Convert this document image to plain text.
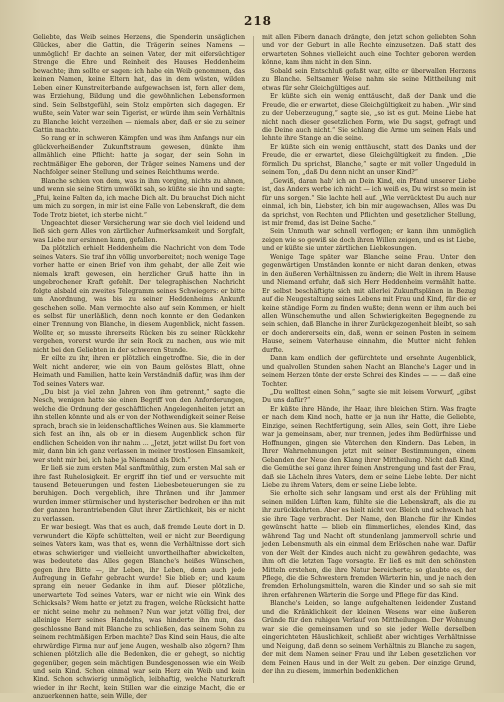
218

Geliebte, das Weib seines Herzens, die Spenderin unsäglichen Glückes, aber die Gattin, die Trägerin seines Namens — unmöglich! Er dachte an seinen Vater, der mit eifersüchtiger Strenge die Ehre und Reinheit des Hauses Heddenheim bewachte; ihm sollte er sagen: ich habe ein Weib genommen, das keinen Namen, keine Eltern hat, das in dem wüsten, wilden Leben einer Kunstreiterbande aufgewachsen ist, fern aller dem, was Erziehung, Bildung und die gewöhnlichen Lebensformen sind. Sein Selbstgefühl, sein Stolz empörten sich dagegen. Er wußte, sein Vater war sein Tigerist, er würde ihm sein Verhältnis zu Blanche leicht verzeihen — niemals aber, daß er sie zu seiner Gattin machte.

So rang er in schweren Kämpfen und was ihm Anfangs nur ein glückverheißender Zukunftstraum gewesen, dünkte ihm allmählich eine Pflicht: hatte ja sogar, der sein Sohn in rechtmäßiger Ehe geboren, der Träger seines Namens und der Nachfolger seiner Stellung und seines Reichthums werde.

Blanche schien von dem, was in ihm vorging, nichts zu ahnen, und wenn sie seine Stirn umwölkt sah, so küßte sie ihn und sagte: „Pfui, keine Falten da, ich mache Dich alt. Du brauchst Dich nicht um mich zu sorgen, in mir ist eine Falle von Lebenskraft, die dem Tode Trotz bietet, ich sterbe nicht.“

Ungeachtet dieser Versicherung war sie doch viel leidend und ließ sich gern Alles von zärtlicher Aufmerksamkeit und Sorgfalt, was Liebe nur ersinnen kann, gefallen.

Da plötzlich erhielt Heddenheim die Nachricht von dem Tode seines Vaters. Sie traf ihn völlig unvorbereitet; noch wenige Tage vorher hatte er einen Brief von ihm gehabt, der alle Zeit wie niemals kraft gewesen, ein herzlicher Gruß hatte ihn in ungebrochener Kraft gefehlt. Der telegraphischen Nachricht folgte alsbald ein zweites Telegramm seines Schwiegers: er bitte um Anordnung, was bis zu seiner Heddenheims Ankunft geschehen solle. Man vermochte also auf sein Kommen, er hielt es selbst für unerläßlich, denn noch konnte er den Gedanken einer Trennung von Blanche, in diesem Augenblick, nicht fassen. Wollte er, so musste ihrerseits Rücken bis zu seiner Rückkehr vergehen, vorerst wurde ihr sein Rock zu nachen, aus wie mit nicht bei den Geliebten in der schweren Stunde.

Er eilte zu ihr, ihren er plötzlich eingetroffne. Sie, die in der Welt nicht anderer, wie ein von Baum gelöstes Blatt, ohne Heimath und Familien, hatte kein Verständniß dafür, was ihm der Tod seines Vaters war.

„Du bist ja viel zehn Jahren von ihm getrennt,“ sagte die Nesch, wenigen hatte sie einen Begriff von den Anforderungen, welche die Ordnung der geschäftlichen Angelegenheiten jetzt an ihn stellen könnte und als er von der Nothwendigkeit seiner Reise sprach, brach sie in leidenschaftliches Weinen aus. Sie klammerte sich fest an ihn, als ob er in diesem Augenblick schon für endlichen Scheiden von ihr nahm ... „Jetzt, jetzt willst Du fort von mir, dann bin ich ganz verlassen in meiner trostlosen Einsamkeit, wer steht mir bei, ich habe ja Niemand als Dich.“

Er ließ sie zum ersten Mal sanftmüthig, zum ersten Mal sah er ihre fast Ruhelosigkeit. Er ergriff ihn tief und er versuchte mit tausend Beteuerungen und festen Liebesbeteuerungen sie zu beruhigen. Doch vergeblich, ihre Thränen und ihr Jammer wurden immer stürmischer und hysterischer bedrohen er ihn mit der ganzen herantriebenden Glut ihrer Zärtlichkeit, bis er nicht zu verlassen.

Er war besiegt. Was that es auch, daß fremde Leute dort in D. verwundert die Köpfe schüttelten, weil er nicht zur Beerdigung seines Vaters kam, was that es, wenn die Verhältnisse dort sich etwas schwieriger und vielleicht unvortheilhafter abwickelten, was bedeutete das Alles gegen Blanche's heißes Wünschen, gegen ihre Bitte —, ihr Leben, ihr Leben, denn auch jede Aufregung in Gefahr gebracht wurde! Sie blieb er; und kaum sprang ein neuer Gedanke in ihm auf. Dieser plötzliche, unerwartete Tod seines Vaters, war er nicht wie ein Wink des Schicksals? Wem hatte er jetzt zu fragen, welche Rücksicht hatte er nicht seine mehr zu nehmen? Nun war jetzt völlig frei, der alleinige Herr seines Handelns, was hinderte ihn nun, das geschlossne Band mit Blanche zu schließen, das seinem Sohn zu seinem rechtmäßigen Erben machte? Das Kind sein Haus, die alte ehrwürdige Firma nur auf jene Augen, weshalb also zögern? Ihm schienen plötzlich alle die Bedenken, die er gehegt, so nichtig gegenüber, gegen sein mächtigen Bundesgenossen wie ein Weib und sein Kind. Schon einmal war sein Herz ein Weib und kein Kind. Schon schwierig unmöglich, leibhaftig, welche Naturkraft wieder in ihr Recht, kein Stillen war die einzige Macht, die er anzuerkennen hatte, sein Wille, der

mit allen Fibern danach drängte, den jetzt schon geliebten Sohn und vor der Geburt in alle Rechte einzusetzen. Daß statt des erwarteten Sohnes vielleicht auch eine Tochter geboren werden könne, kam ihm nicht in den Sinn.

Sobald sein Entschluß gefaßt war, eilte er überwallen Herzens zu Blanche. Seltsamer Weise nahm sie seine Mittheilung mit etwas für sehr Gleichgültiges auf.

Er küßte sich ein wenig enttäuscht, daß der Dank und die Freude, die er erwartet, diese Gleichgültigkeit zu haben. „Wir sind zu der Ueberzeugung,“ sagte sie, „so ist es gut. Meine Liebe hat nicht nach dieser gesetzlichen Form, wie Du sagst, gefragt und die Deine auch nicht.“ Sie schlang die Arme um seinen Hals und lehnte ihre Stange an die seine.

Er küßte sich ein wenig enttäuscht, statt des Danks und der Freude, die er erwartet, diese Gleichgültigkeit zu finden. „Die förmlich Du sprichst, Blanche,“ sagte er mit voller Ungeduld in seinem Ton, „daß Du denn nicht an unser Kind?“

„Gewiß, daran hab' ich an Dein Kind, ein Pfand unserer Liebe ist, das Anders werbe ich nicht — ich weiß es, Du wirst so mein ist für uns sorgen.“ Sie lachte hell auf. „Wie verrücktest Du auch nur einmal, ich bin, Liebster, ich bin mir augewachsen, Alles was Du da sprichst, von Rechten und Pflichten und gesetzlicher Stellung, ist mir fremd, das ist Deine Sache.“

Sein Unmuth war schnell verflogen; er kann ihm unmöglich zeigen wie so gewiß sie doch ihren Willen zeigen, und es ist Liebe, und er küßte sie unter zärtlichen Liebkosungen.

Wenige Tage später war Blanche seine Frau. Unter den gegenwärtigen Umständen konnte er nicht daran denken, etwas in den äußeren Verhältnissen zu ändern; die Welt in ihrem Hause und Niemand erfuhr, daß sich Herr Heddenheim vermählt hatte. Er selbst beschäftigte sich mit allerlei Zukunftsplänen in Bezug auf die Neugestaltung seines Lebens mit Frau und Kind, für die er keine ständige Form zu finden wußte; denn wenn er ihm auch bei allen Wünschemuthe und allen Schwierigkeiten Begegnende zu sein schien, daß Blanche in ihrer Zurückgezogenheit bleibt, so sah er doch andererseits ein, daß, wenn er seinen Posten in seinem Hause, seinem Vaterhause einnahm, die Mutter nicht fehlen durfte.

Dann kam endlich der gefürchtete und ersehnte Augenblick, und qualvollen Stunden sahen Nacht an Blanche's Lager und in seinem Herzen tönte der erste Schrei des Kindes — — — daß eine Tochter.

„Du wolltest einen Sohn,“ sagte sie mit leisem Vorwurf, „gibst Du uns dafür?“

Er küßte ihre Hände, ihr Haar, ihre bleichen Stirn. Was fragte er nach dem Kind noch, hatte er ja nun ihr Hatte, die Geliebte, Einzige, seinen Rechtfertigung, sein Alles, sein Gott, ihre Liebe war ja gemeinsam, aber, nur trennen, jedes ihm Bedürfnisse und Hoffnungen, gingen sie Väterchen den Kindern. Das Leben, in Ihrer Wahrnehmungen jetzt mit seiner Bestimmungen, einem Gebanden der Neue den Klang ihrer Mittheilung. Nicht daß Kind, die Gemüthe sei ganz ihrer feinen Anstrengung und fast der Frau, daß sie Lächeln ihres Vaters, dem er seine Liebe lebte. Der nicht Liebe zu ihrem Vaters, dem er seine Liebe lebte.

Sie erholte sich sehr langsam und erst als der Frühling mit seinen milden Lüften kam, fühlte sie die Lebenskraft, als die zu ihr zurückkehrten. Aber es hielt nicht vor. Bleich und schwach hat sie ihre Tage verbracht. Der Name, den Blanche für ihr Kindes gewünscht hatte — blieb ein flimmerliches, elendes Kind, das während Tag und Nacht oft stundenlang jammervoll schrie und jeden Lebensmuth als ein einmal dem Erlöschen nahe war. Dafür von der Welt der Kindes auch nicht zu gewähren gedachte, was ihm oft die letzten Tage vorsagte. Er ließ es mit den schönsten Mitteln erstehen, die ihre Natur bereicherte; so glaubte es, der Pflege, die die Schwestern fremden Wärterin hin, und je nach den fremden Erholungsmitteln, waren die Kinder und so sah sie mit ihren erfahrenen Wärterin die Sorge und Pflege für das Kind.

Blanche's Leiden, so lange aufgehaltenen leidender Zustand und die Kränklichkeit der kleinen Wesens war eine äußeren Gründe für den ruhigen Verlauf von Mittheilungen. Der Wohnung war sie die gemeinsamen und so sie jeder Welle derselben eingerichteten Häuslichkeit, schließt aber wichtiges Verhältnisse und Neigung, daß denn so seinem Verhältnis zu Blanche zu sagen, der mit dem Namen seiner Frau und ihr Leben gesetzlichen vor dem Feinen Haus und in der Welt zu geben. Der einzige Grund, der ihn zu diesem, immerhin bedenklichen
